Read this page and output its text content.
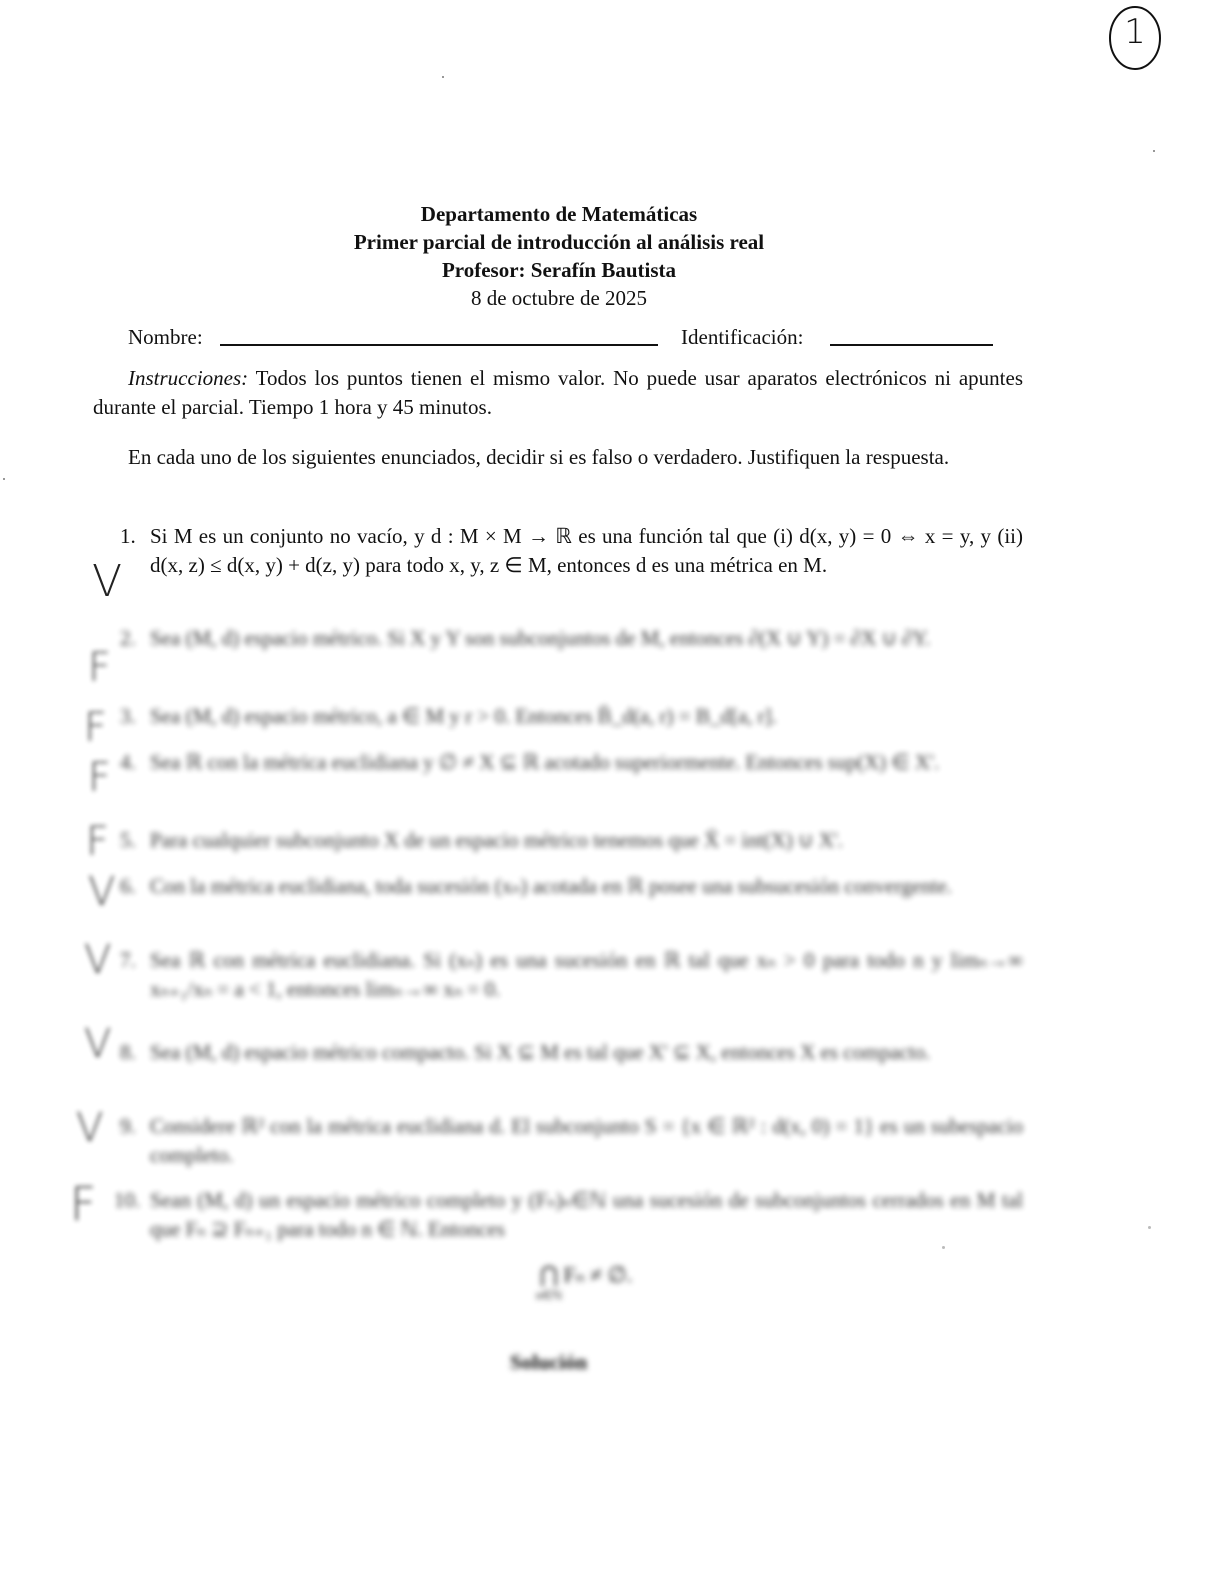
1
Departamento de Matemáticas
Primer parcial de introducción al análisis real
Profesor: Serafín Bautista
8 de octubre de 2025
Nombre:	Identificación:
Instrucciones: Todos los puntos tienen el mismo valor. No puede usar aparatos electrónicos ni apuntes durante el parcial. Tiempo 1 hora y 45 minutos.
En cada uno de los siguientes enunciados, decidir si es falso o verdadero. Justifiquen la respuesta.
1. Si M es un conjunto no vacío, y d : M × M → ℝ es una función tal que (i) d(x, y) = 0 ⇔ x = y, y (ii) d(x, z) ≤ d(x, y) + d(z, y) para todo x, y, z ∈ M, entonces d es una métrica en M.
V
2. Sea (M, d) espacio métrico. Si X y Y son subconjuntos de M, entonces ∂(X ∪ Y) = ∂X ∪ ∂Y.
F
3. Sea (M, d) espacio métrico, a ∈ M y r > 0. Entonces B̄_d(a, r) = B_d[a, r].
F
4. Sea ℝ con la métrica euclidiana y ∅ ≠ X ⊆ ℝ acotado superiormente. Entonces sup(X) ∈ X'.
F
5. Para cualquier subconjunto X de un espacio métrico tenemos que X̄ = int(X) ∪ X'.
F
6. Con la métrica euclidiana, toda sucesión (xₙ) acotada en ℝ posee una subsucesión convergente.
V
7. Sea ℝ con métrica euclidiana. Si (xₙ) es una sucesión en ℝ tal que xₙ > 0 para todo n y limₙ→∞ xₙ₊₁/xₙ = a < 1, entonces limₙ→∞ xₙ = 0.
V
8. Sea (M, d) espacio métrico compacto. Si X ⊆ M es tal que X' ⊆ X, entonces X es compacto.
V
9. Considere ℝ² con la métrica euclidiana d. El subconjunto S = {x ∈ ℝ² : d(x, 0) = 1} es un subespacio completo.
V
10. Sean (M, d) un espacio métrico completo y (Fₙ)ₙ∈ℕ una sucesión de subconjuntos cerrados en M tal que Fₙ ⊇ Fₙ₊₁ para todo n ∈ ℕ. Entonces
F
⋂ Fₙ ≠ ∅.
n∈ℕ
Solución
